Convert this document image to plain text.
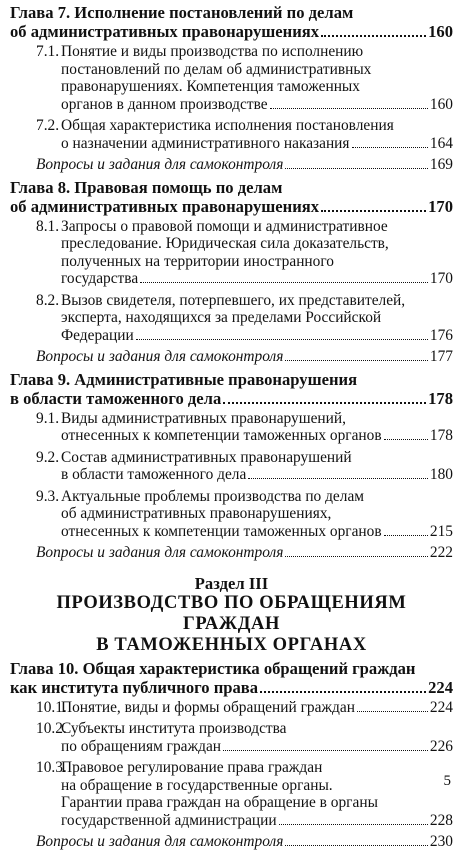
Глава 7. Исполнение постановлений по делам
об административных правонарушениях	160
7.1. Понятие и виды производства по исполнению
постановлений по делам об административных
правонарушениях. Компетенция таможенных
органов в данном производстве	160
7.2. Общая характеристика исполнения постановления
о назначении административного наказания	164
Вопросы и задания для самоконтроля	169
Глава 8. Правовая помощь по делам
об административных правонарушениях	170
8.1. Запросы о правовой помощи и административное
преследование. Юридическая сила доказательств,
полученных на территории иностранного
государства	170
8.2. Вызов свидетеля, потерпевшего, их представителей,
эксперта, находящихся за пределами Российской
Федерации	176
Вопросы и задания для самоконтроля	177
Глава 9. Административные правонарушения
в области таможенного дела	178
9.1. Виды административных правонарушений,
отнесенных к компетенции таможенных органов	178
9.2. Состав административных правонарушений
в области таможенного дела	180
9.3. Актуальные проблемы производства по делам
об административных правонарушениях,
отнесенных к компетенции таможенных органов	215
Вопросы и задания для самоконтроля	222
Раздел III
ПРОИЗВОДСТВО ПО ОБРАЩЕНИЯМ ГРАЖДАН
В ТАМОЖЕННЫХ ОРГАНАХ
Глава 10. Общая характеристика обращений граждан
как института публичного права	224
10.1.
Понятие, виды и формы обращений граждан	224
10.2.
Субъекты института производства
по обращениям граждан	226
10.3.
Правовое регулирование права граждан
на обращение в государственные органы.
Гарантии права граждан на обращение в органы
государственной администрации	228
Вопросы и задания для самоконтроля	230
5
